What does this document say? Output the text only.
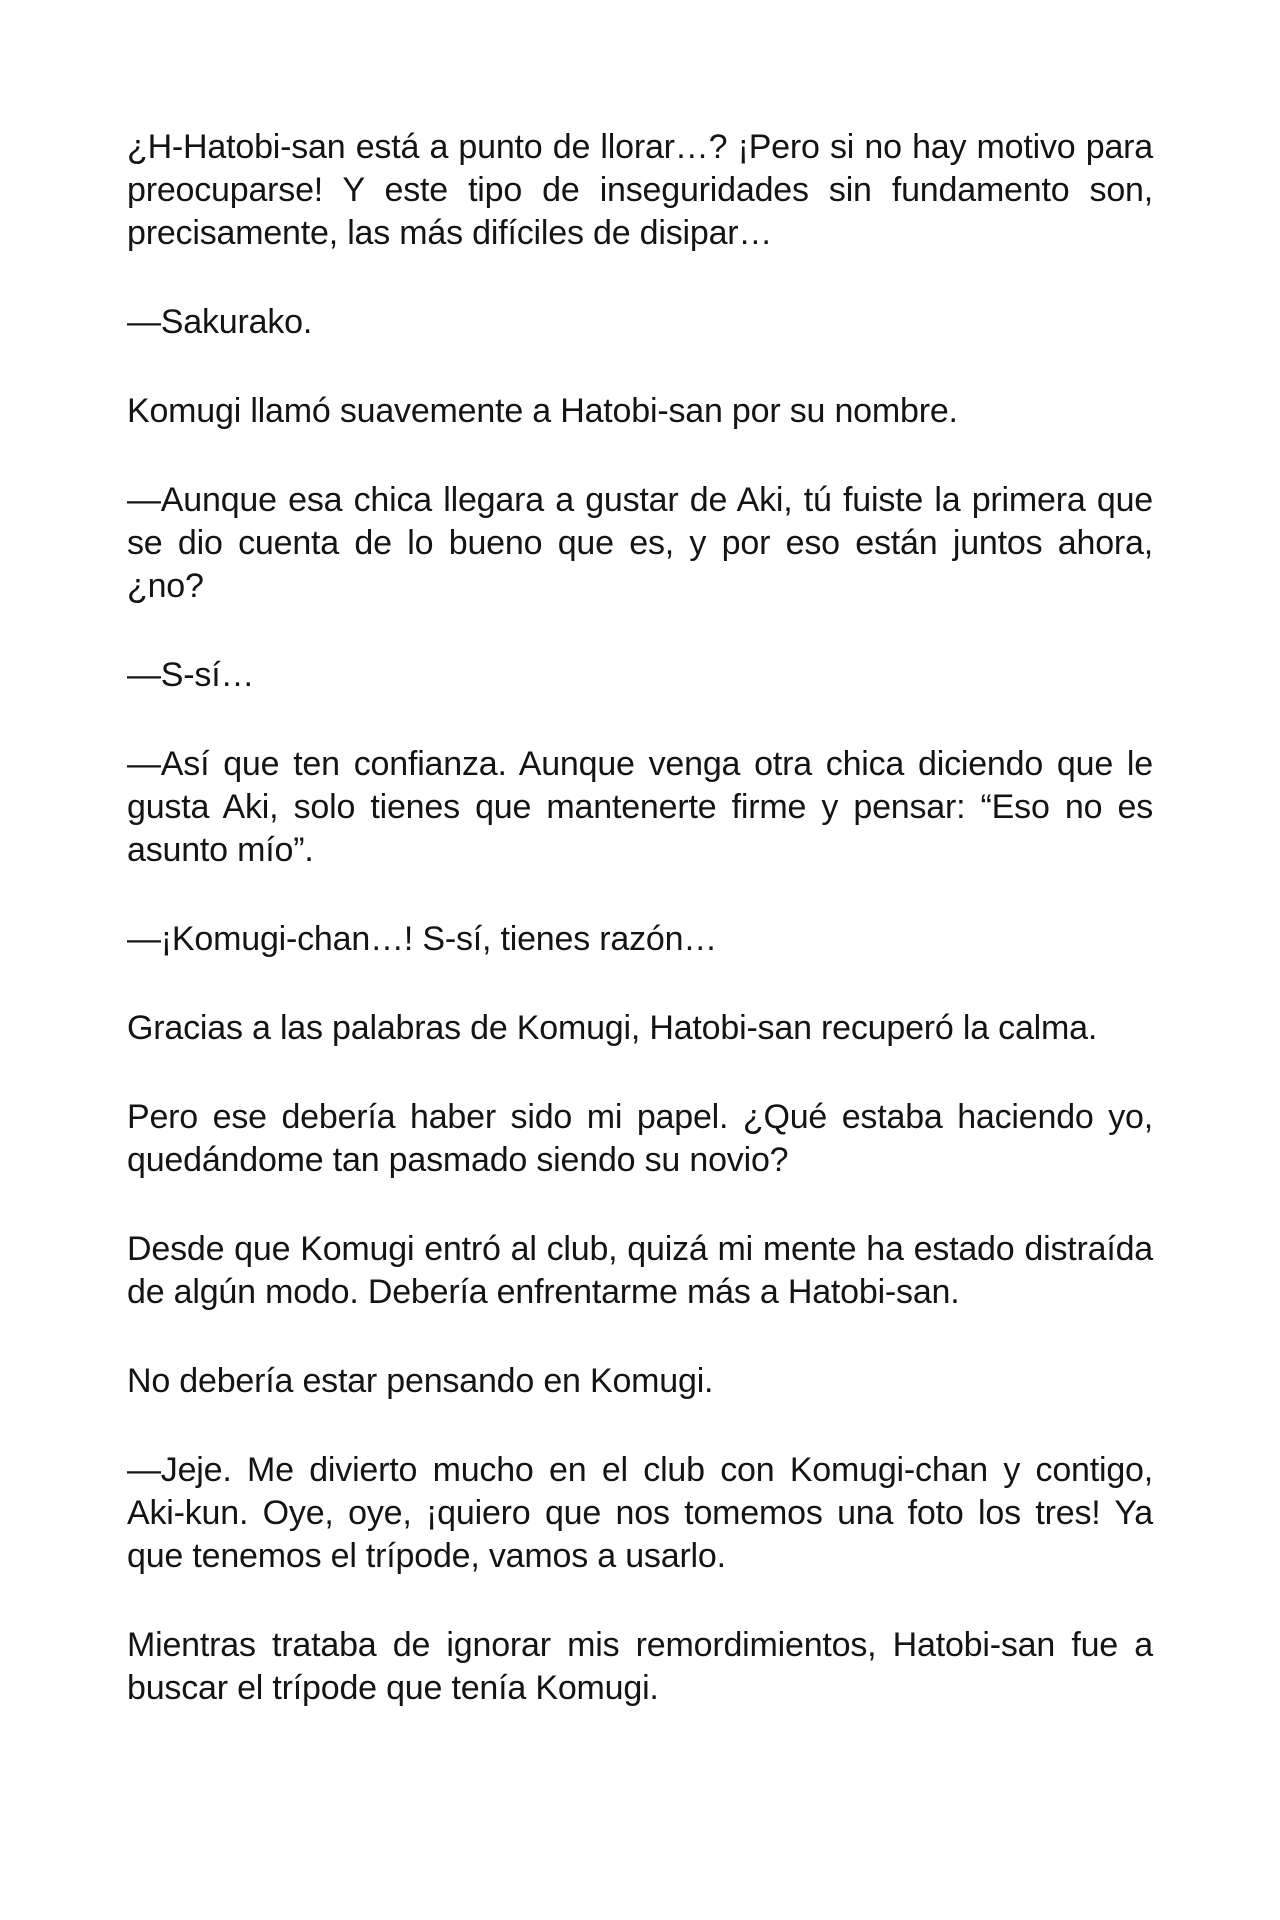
¿H-Hatobi-san está a punto de llorar…? ¡Pero si no hay motivo para preocuparse! Y este tipo de inseguridades sin fundamento son, precisamente, las más difíciles de disipar…

—Sakurako.

Komugi llamó suavemente a Hatobi-san por su nombre.

—Aunque esa chica llegara a gustar de Aki, tú fuiste la primera que se dio cuenta de lo bueno que es, y por eso están juntos ahora, ¿no?

—S-sí…

—Así que ten confianza. Aunque venga otra chica diciendo que le gusta Aki, solo tienes que mantenerte firme y pensar: “Eso no es asunto mío”.

—¡Komugi-chan…! S-sí, tienes razón…

Gracias a las palabras de Komugi, Hatobi-san recuperó la calma.

Pero ese debería haber sido mi papel. ¿Qué estaba haciendo yo, quedándome tan pasmado siendo su novio?

Desde que Komugi entró al club, quizá mi mente ha estado distraída de algún modo. Debería enfrentarme más a Hatobi-san.

No debería estar pensando en Komugi.

—Jeje. Me divierto mucho en el club con Komugi-chan y contigo, Aki-kun. Oye, oye, ¡quiero que nos tomemos una foto los tres! Ya que tenemos el trípode, vamos a usarlo.

Mientras trataba de ignorar mis remordimientos, Hatobi-san fue a buscar el trípode que tenía Komugi.
